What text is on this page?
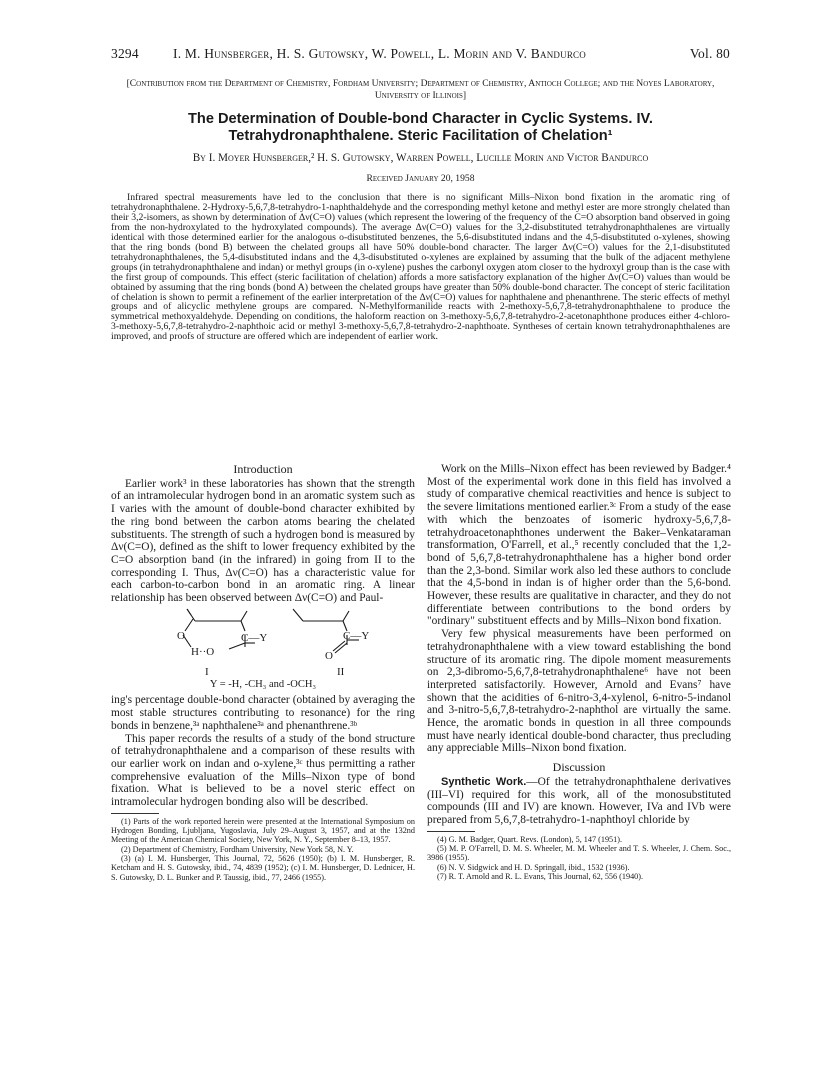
3294	I. M. Hunsberger, H. S. Gutowsky, W. Powell, L. Morin and V. Bandurco	Vol. 80
[Contribution from the Department of Chemistry, Fordham University; Department of Chemistry, Antioch College; and the Noyes Laboratory, University of Illinois]
The Determination of Double-bond Character in Cyclic Systems. IV.
Tetrahydronaphthalene. Steric Facilitation of Chelation¹
By I. Moyer Hunsberger,² H. S. Gutowsky, Warren Powell, Lucille Morin and Victor Bandurco
Received January 20, 1958

Infrared spectral measurements have led to the conclusion that there is no significant Mills–Nixon bond fixation in the aromatic ring of tetrahydronaphthalene. 2-Hydroxy-5,6,7,8-tetrahydro-1-naphthaldehyde and the corresponding methyl ketone and methyl ester are more strongly chelated than their 3,2-isomers, as shown by determination of Δν(C=O) values (which represent the lowering of the frequency of the C=O absorption band observed in going from the non-hydroxylated to the hydroxylated compounds). The average Δν(C=O) values for the 3,2-disubstituted tetrahydronaphthalenes are virtually identical with those determined earlier for the analogous o-disubstituted benzenes, the 5,6-disubstituted indans and the 4,5-disubstituted o-xylenes, showing that the ring bonds (bond B) between the chelated groups all have 50% double-bond character. The larger Δν(C=O) values for the 2,1-disubstituted tetrahydronaphthalenes, the 5,4-disubstituted indans and the 4,3-disubstituted o-xylenes are explained by assuming that the bulk of the adjacent methylene groups (in tetrahydronaphthalene and indan) or methyl groups (in o-xylene) pushes the carbonyl oxygen atom closer to the hydroxyl group than is the case with the first group of compounds. This effect (steric facilitation of chelation) affords a more satisfactory explanation of the higher Δν(C=O) values than would be obtained by assuming that the ring bonds (bond A) between the chelated groups have greater than 50% double-bond character. The concept of steric facilitation of chelation is shown to permit a refinement of the earlier interpretation of the Δν(C=O) values for naphthalene and phenanthrene. The steric effects of methyl groups and of alicyclic methylene groups are compared. N-Methylformanilide reacts with 2-methoxy-5,6,7,8-tetrahydronaphthalene to produce the symmetrical methoxyaldehyde. Depending on conditions, the haloform reaction on 3-methoxy-5,6,7,8-tetrahydro-2-acetonaphthone produces either 4-chloro-3-methoxy-5,6,7,8-tetrahydro-2-naphthoic acid or methyl 3-methoxy-5,6,7,8-tetrahydro-2-naphthoate. Syntheses of certain known tetrahydronaphthalenes are improved, and proofs of structure are offered which are independent of earlier work.

Introduction

Earlier work³ in these laboratories has shown that the strength of an intramolecular hydrogen bond in an aromatic system such as I varies with the amount of double-bond character exhibited by the ring bond between the carbon atoms bearing the chelated substituents. The strength of such a hydrogen bond is measured by Δν(C=O), defined as the shift to lower frequency exhibited by the C=O absorption band (in the infrared) in going from II to the corresponding I. Thus, Δν(C=O) has a characteristic value for each carbon-to-carbon bond in an aromatic ring. A linear relationship has been observed between Δν(C=O) and Paul-

O	C—Y
H··O
C—Y
O
I	II
Y = -H, -CH₃ and -OCH₃

ing's percentage double-bond character (obtained by averaging the most stable structures contributing to resonance) for the ring bonds in benzene,³ᵃ naphthalene³ᵃ and phenanthrene.³ᵇ

This paper records the results of a study of the bond structure of tetrahydronaphthalene and a comparison of these results with our earlier work on indan and o-xylene,³ᶜ thus permitting a rather comprehensive evaluation of the Mills–Nixon type of bond fixation. What is believed to be a novel steric effect on intramolecular hydrogen bonding also will be described.

(1) Parts of the work reported herein were presented at the International Symposium on Hydrogen Bonding, Ljubljana, Yugoslavia, July 29–August 3, 1957, and at the 132nd Meeting of the American Chemical Society, New York, N. Y., September 8–13, 1957.

(2) Department of Chemistry, Fordham University, New York 58, N. Y.

(3) (a) I. M. Hunsberger, This Journal, 72, 5626 (1950); (b) I. M. Hunsberger, R. Ketcham and H. S. Gutowsky, ibid., 74, 4839 (1952); (c) I. M. Hunsberger, D. Lednicer, H. S. Gutowsky, D. L. Bunker and P. Taussig, ibid., 77, 2466 (1955).

Work on the Mills–Nixon effect has been reviewed by Badger.⁴ Most of the experimental work done in this field has involved a study of comparative chemical reactivities and hence is subject to the severe limitations mentioned earlier.³ᶜ From a study of the ease with which the benzoates of isomeric hydroxy-5,6,7,8-tetrahydroacetonaphthones underwent the Baker–Venkataraman transformation, O'Farrell, et al.,⁵ recently concluded that the 1,2-bond of 5,6,7,8-tetrahydronaphthalene has a higher bond order than the 2,3-bond. Similar work also led these authors to conclude that the 4,5-bond in indan is of higher order than the 5,6-bond. However, these results are qualitative in character, and they do not differentiate between contributions to the bond orders by "ordinary" substituent effects and by Mills–Nixon bond fixation.

Very few physical measurements have been performed on tetrahydronaphthalene with a view toward establishing the bond structure of its aromatic ring. The dipole moment measurements on 2,3-dibromo-5,6,7,8-tetrahydronaphthalene⁶ have not been interpreted satisfactorily. However, Arnold and Evans⁷ have shown that the acidities of 6-nitro-3,4-xylenol, 6-nitro-5-indanol and 3-nitro-5,6,7,8-tetrahydro-2-naphthol are virtually the same. Hence, the aromatic bonds in question in all three compounds must have nearly identical double-bond character, thus precluding any appreciable Mills–Nixon bond fixation.

Discussion

Synthetic Work.—Of the tetrahydronaphthalene derivatives (III–VI) required for this work, all of the monosubstituted compounds (III and IV) are known. However, IVa and IVb were prepared from 5,6,7,8-tetrahydro-1-naphthoyl chloride by

(4) G. M. Badger, Quart. Revs. (London), 5, 147 (1951).

(5) M. P. O'Farrell, D. M. S. Wheeler, M. M. Wheeler and T. S. Wheeler, J. Chem. Soc., 3986 (1955).

(6) N. V. Sidgwick and H. D. Springall, ibid., 1532 (1936).

(7) R. T. Arnold and R. L. Evans, This Journal, 62, 556 (1940).
